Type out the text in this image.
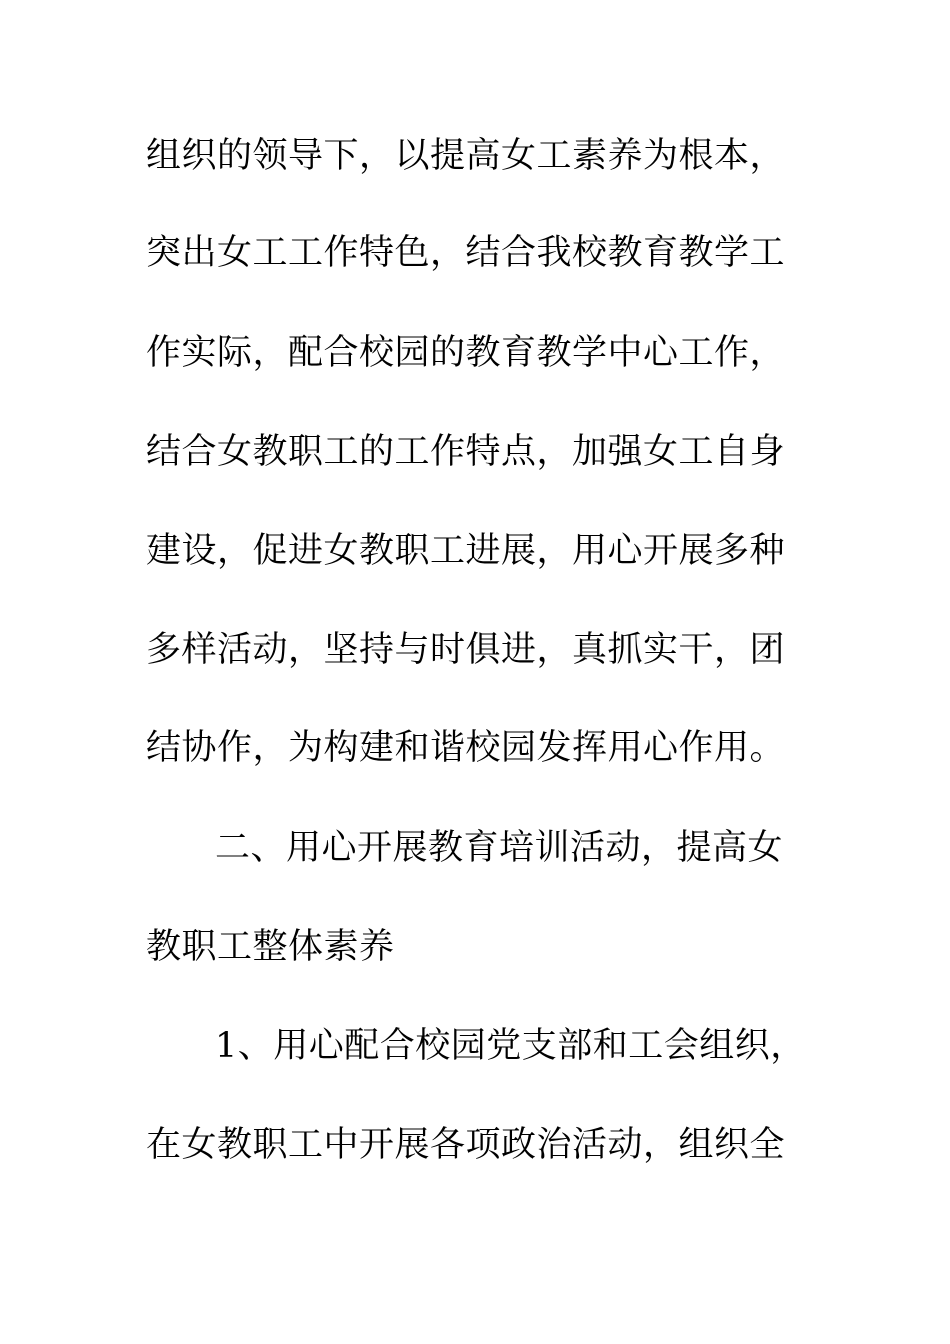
组织的领导下，以提高女工素养为根本，
突出女工工作特色，结合我校教育教学工
作实际，配合校园的教育教学中心工作，
结合女教职工的工作特点，加强女工自身
建设，促进女教职工进展，用心开展多种
多样活动，坚持与时俱进，真抓实干，团
结协作，为构建和谐校园发挥用心作用。
二、用心开展教育培训活动，提高女
教职工整体素养
1、用心配合校园党支部和工会组织，
在女教职工中开展各项政治活动，组织全
